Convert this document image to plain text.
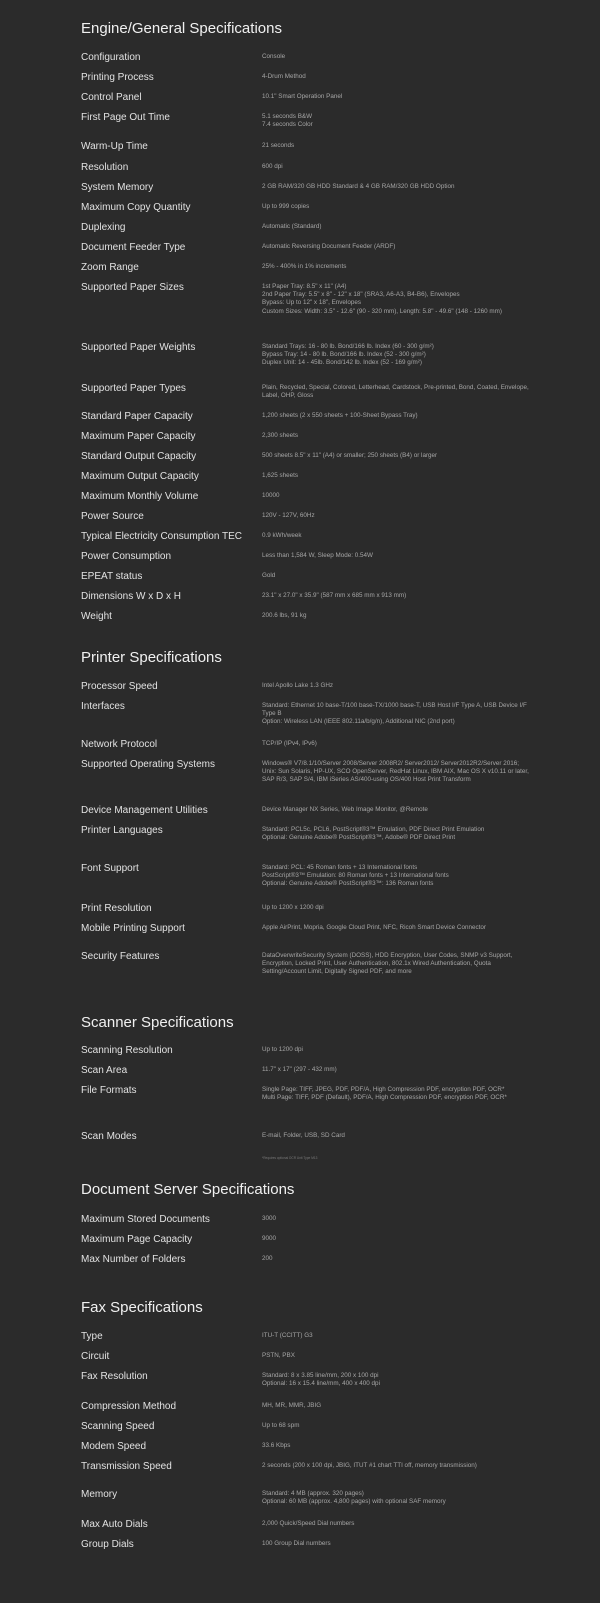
Engine/General Specifications
Configuration	Console
Printing Process	4-Drum Method
Control Panel	10.1" Smart Operation Panel
First Page Out Time	5.1 seconds B&W
7.4 seconds Color
Warm-Up Time	21 seconds
Resolution	600 dpi
System Memory	2 GB RAM/320 GB HDD Standard & 4 GB RAM/320 GB HDD Option
Maximum Copy Quantity	Up to 999 copies
Duplexing	Automatic (Standard)
Document Feeder Type	Automatic Reversing Document Feeder (ARDF)
Zoom Range	25% - 400% in 1% increments
Supported Paper Sizes	1st Paper Tray: 8.5" x 11" (A4)
2nd Paper Tray: 5.5" x 8" - 12" x 18" (SRA3, A6-A3, B4-B6), Envelopes
Bypass: Up to 12" x 18", Envelopes
Custom Sizes: Width: 3.5" - 12.6" (90 - 320 mm), Length: 5.8" - 49.6" (148 - 1260 mm)
Supported Paper Weights	Standard Trays: 16 - 80 lb. Bond/166 lb. Index (60 - 300 g/m²)
Bypass Tray: 14 - 80 lb. Bond/166 lb. Index (52 - 300 g/m²)
Duplex Unit: 14 - 45lb. Bond/142 lb. Index (52 - 169 g/m²)
Supported Paper Types	Plain, Recycled, Special, Colored, Letterhead, Cardstock, Pre-printed, Bond, Coated, Envelope, Label, OHP, Gloss
Standard Paper Capacity	1,200 sheets (2 x 550 sheets + 100-Sheet Bypass Tray)
Maximum Paper Capacity	2,300 sheets
Standard Output Capacity	500 sheets 8.5" x 11" (A4) or smaller; 250 sheets (B4) or larger
Maximum Output Capacity	1,625 sheets
Maximum Monthly Volume	10000
Power Source	120V - 127V, 60Hz
Typical Electricity Consumption TEC	0.9 kWh/week
Power Consumption	Less than 1,584 W, Sleep Mode: 0.54W
EPEAT status	Gold
Dimensions W x D x H	23.1" x 27.0" x 35.9" (587 mm x 685 mm x 913 mm)
Weight	200.6 lbs, 91 kg
Printer Specifications
Processor Speed	Intel Apollo Lake 1.3 GHz
Interfaces	Standard: Ethernet 10 base-T/100 base-TX/1000 base-T, USB Host I/F Type A, USB Device I/F Type B
Option: Wireless LAN (IEEE 802.11a/b/g/n), Additional NIC (2nd port)
Network Protocol	TCP/IP (IPv4, IPv6)
Supported Operating Systems	Windows® V7/8.1/10/Server 2008/Server 2008R2/ Server2012/ Server2012R2/Server 2016; Unix: Sun Solaris, HP-UX, SCO OpenServer, RedHat Linux, IBM AIX, Mac OS X v10.11 or later, SAP R/3, SAP S/4, IBM iSeries AS/400-using OS/400 Host Print Transform
Device Management Utilities	Device Manager NX Series, Web Image Monitor, @Remote
Printer Languages	Standard: PCL5c, PCL6, PostScript®3™ Emulation, PDF Direct Print Emulation
Optional: Genuine Adobe® PostScript®3™, Adobe® PDF Direct Print
Font Support	Standard: PCL: 45 Roman fonts + 13 International fonts
PostScript®3™ Emulation: 80 Roman fonts + 13 International fonts
Optional: Genuine Adobe® PostScript®3™: 136 Roman fonts
Print Resolution	Up to 1200 x 1200 dpi
Mobile Printing Support	Apple AirPrint, Mopria, Google Cloud Print, NFC, Ricoh Smart Device Connector
Security Features	DataOverwriteSecurity System (DOSS), HDD Encryption, User Codes, SNMP v3 Support, Encryption, Locked Print, User Authentication, 802.1x Wired Authentication, Quota Setting/Account Limit, Digitally Signed PDF, and more
Scanner Specifications
Scanning Resolution	Up to 1200 dpi
Scan Area	11.7" x 17" (297 - 432 mm)
File Formats	Single Page: TIFF, JPEG, PDF, PDF/A, High Compression PDF, encryption PDF, OCR*
Multi Page: TIFF, PDF (Default), PDF/A, High Compression PDF, encryption PDF, OCR*
Scan Modes	E-mail, Folder, USB, SD Card
*Requires optional OCR Unit Type M13
Document Server Specifications
Maximum Stored Documents	3000
Maximum Page Capacity	9000
Max Number of Folders	200
Fax Specifications
Type	ITU-T (CCITT) G3
Circuit	PSTN, PBX
Fax Resolution	Standard: 8 x 3.85 line/mm, 200 x 100 dpi
Optional: 16 x 15.4 line/mm, 400 x 400 dpi
Compression Method	MH, MR, MMR, JBIG
Scanning Speed	Up to 68 spm
Modem Speed	33.6 Kbps
Transmission Speed	2 seconds (200 x 100 dpi, JBIG, ITUT #1 chart TTI off, memory transmission)
Memory	Standard: 4 MB (approx. 320 pages)
Optional: 60 MB (approx. 4,800 pages) with optional SAF memory
Max Auto Dials	2,000 Quick/Speed Dial numbers
Group Dials	100 Group Dial numbers
